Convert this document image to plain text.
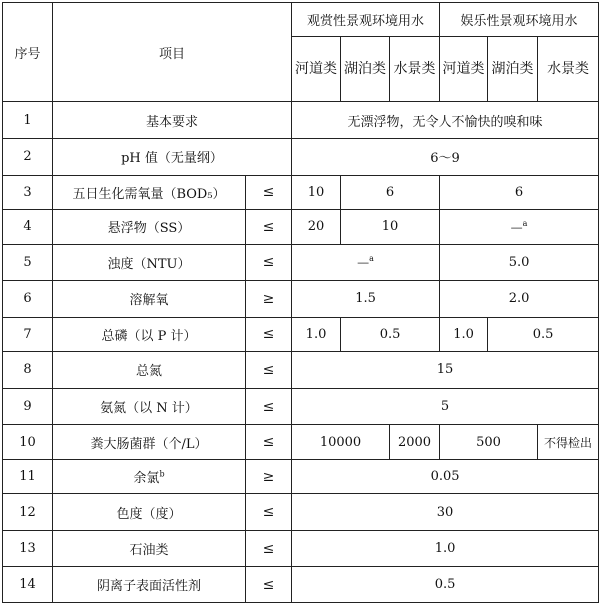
序号	项目		观赏性景观环境用水			娱乐性景观环境用水		
			河道类	湖泊类	水景类	河道类	湖泊类	水景类
1	基本要求		无漂浮物，无令人不愉快的嗅和味					
2	pH 值（无量纲）		6～9					
3	五日生化需氧量（BOD₅）	≤	10	6		6		
4	悬浮物（SS）	≤	20	10		—$^a$
5	浊度（NTU）	≤	—$^a$			5.0		
6	溶解氧	≥	1.5			2.0		
7	总磷（以 P 计）	≤	1.0	0.5		1.0	0.5	
8	总氮	≤	15					
9	氨氮（以 N 计）	≤	5					
10	粪大肠菌群（个/L）	≤	10000		2000	500		不得检出
11	余氯$^b$	≥	0.05					
12	色度（度）	≤	30					
13	石油类	≤	1.0					
14	阴离子表面活性剂	≤	0.5					
